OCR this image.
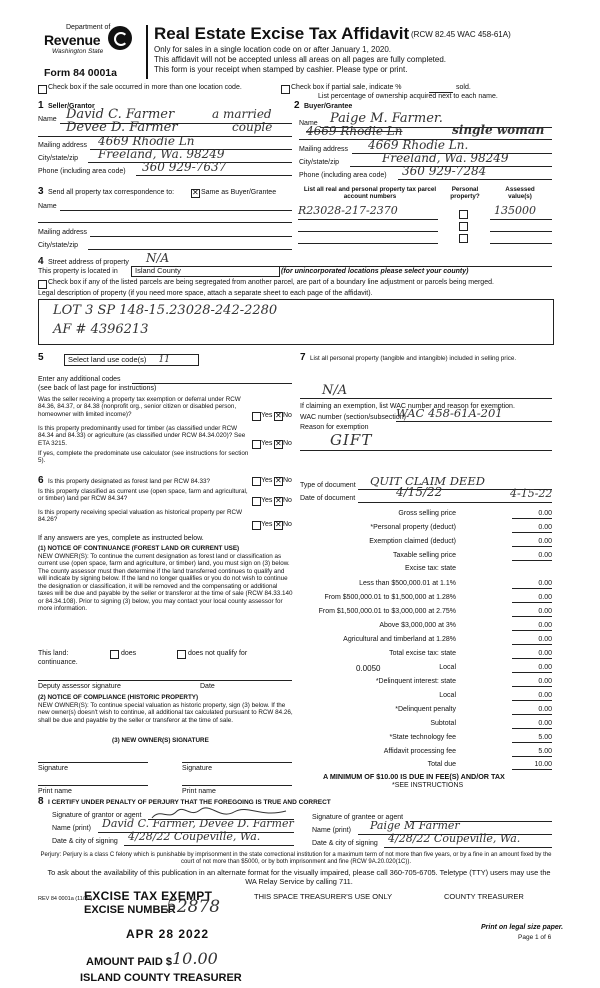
Department of
Revenue
Washington State
Form 84 0001a
Real Estate Excise Tax Affidavit (RCW 82.45 WAC 458-61A)
Only for sales in a single location code on or after January 1, 2020.
This affidavit will not be accepted unless all areas on all pages are fully completed.
This form is your receipt when stamped by cashier. Please type or print.
Check box if the sale occurred in more than one location code.	Check box if partial sale, indicate %	sold.
List percentage of ownership acquired next to each name.
1 Seller/Grantor
Name David C. Farmer	a married
Devee D. Farmer	couple
Mailing address 4669 Rhodie Ln
City/state/zip Freeland, Wa. 98249
Phone (including area code) 360 929-7637
2 Buyer/Grantee
Name Paige M. Farmer.
4669 Rhodie Ln	single woman
Mailing address 4669 Rhodie Ln.
City/state/zip	Freeland, Wa. 98249
Phone (including area code) 360 929-7284
3 Send all property tax correspondence to: ✕	Same as Buyer/Grantee
Name
Mailing address
City/state/zip
List all real and personal property tax parcel account numbers
Personal property?
Assessed value(s)
R23028-217-2370	135000
4 Street address of property N/A
This property is located in	Island County	(for unincorporated locations please select your county)
Check box if any of the listed parcels are being segregated from another parcel, are part of a boundary line adjustment or parcels being merged.
Legal description of property (if you need more space, attach a separate sheet to each page of the affidavit).
LOT 3 SP 148-15.23028-242-2280
AF # 4396213
5	Select land use code(s) 11
Enter any additional codes
(see back of last page for instructions)
Was the seller receiving a property tax exemption or deferral under RCW 84.36, 84.37, or 84.38 (nonprofit org., senior citizen or disabled person, homeowner with limited income)?	Yes ✕ No
Is this property predominantly used for timber (as classified under RCW 84.34 and 84.33) or agriculture (as classified under RCW 84.34.020)? See ETA 3215.	Yes ✕ No
If yes, complete the predominate use calculator (see instructions for section 5).
6 Is this property designated as forest land per RCW 84.33?	Yes ✕ No
Is this property classified as current use (open space, farm and agricultural, or timber) land per RCW 84.34?	Yes ✕ No
Is this property receiving special valuation as historical property per RCW 84.26?
Yes ✕ No
If any answers are yes, complete as instructed below.
(1) NOTICE OF CONTINUANCE (FOREST LAND OR CURRENT USE)
NEW OWNER(S): To continue the current designation as forest land or classification as current use (open space, farm and agriculture, or timber) land, you must sign on (3) below. The county assessor must then determine if the land transferred continues to qualify and will indicate by signing below. If the land no longer qualifies or you do not wish to continue the designation or classification, it will be removed and the compensating or additional taxes will be due and payable by the seller or transferor at the time of sale (RCW 84.33.140 or 84.34.108). Prior to signing (3) below, you may contact your local county assessor for more information.
This land:
continuance.
does	does not qualify for
Deputy assessor signature	Date
(2) NOTICE OF COMPLIANCE (HISTORIC PROPERTY)
NEW OWNER(S): To continue special valuation as historic property, sign (3) below. If the new owner(s) doesn't wish to continue, all additional tax calculated pursuant to RCW 84.26, shall be due and payable by the seller or transferor at the time of sale.
(3) NEW OWNER(S) SIGNATURE
Signature	Signature
Print name	Print name
7 List all personal property (tangible and intangible) included in selling price.
N/A
If claiming an exemption, list WAC number and reason for exemption.
WAC number (section/subsection)
WAC 458-61A-201
Reason for exemption
GIFT
Type of document QUIT CLAIM DEED
Date of document	4/15/22	4-15-22
Gross selling price	0.00
*Personal property (deduct)	0.00
Exemption claimed (deduct)	0.00
Taxable selling price	0.00
Excise tax: state
Less than $500,000.01 at 1.1%	0.00
From $500,000.01 to $1,500,000 at 1.28%	0.00
From $1,500,000.01 to $3,000,000 at 2.75%	0.00
Above $3,000,000 at 3%	0.00
Agricultural and timberland at 1.28%	0.00
Total excise tax: state	0.00
0.0050	Local	0.00
*Delinquent interest: state	0.00
Local	0.00
*Delinquent penalty	0.00
Subtotal	0.00
*State technology fee	5.00
Affidavit processing fee	5.00
Total due	10.00
A MINIMUM OF $10.00 IS DUE IN FEE(S) AND/OR TAX
*SEE INSTRUCTIONS
8 I CERTIFY UNDER PENALTY OF PERJURY THAT THE FOREGOING IS TRUE AND CORRECT
Signature of grantor or agent
Name (print) David C. Farmer, Devee D. Farmer
Date & city of signing 4/28/22 Coupeville, Wa.
Signature of grantee or agent
Name (print) Paige M Farmer
Date & city of signing 4/28/22 Coupeville, Wa.
Perjury: Perjury is a class C felony which is punishable by imprisonment in the state correctional institution for a maximum term of not more than five years, or by a fine in an amount fixed by the court of not more than $5000, or by both imprisonment and fine (RCW 9A.20.020(1C)).
To ask about the availability of this publication in an alternate format for the visually impaired, please call 360-705-6705. Teletype (TTY) users may use the WA Relay Service by calling 711.
REV 84 0001a (11/20)	THIS SPACE TREASURER'S USE ONLY	COUNTY TREASURER
EXCISE TAX EXEMPT
EXCISE NUMBER
52878
APR 28 2022
AMOUNT PAID $ 10.00
ISLAND COUNTY TREASURER
Print on legal size paper.
Page 1 of 6
